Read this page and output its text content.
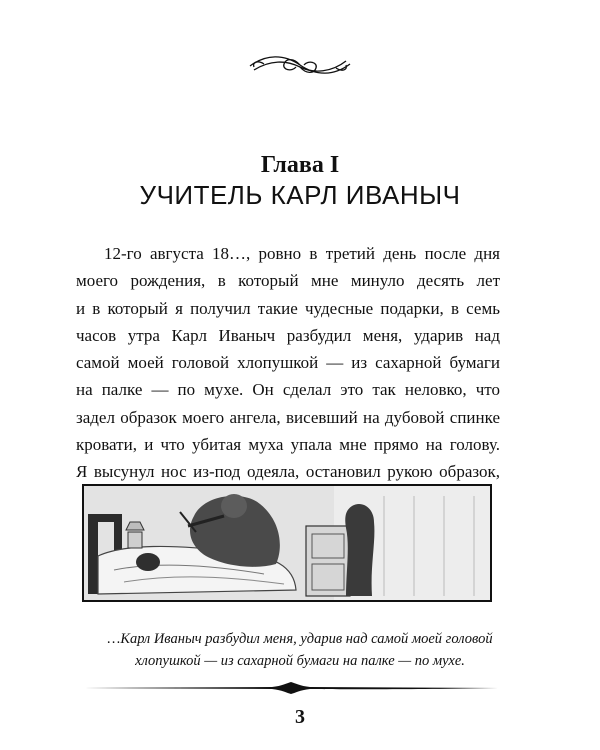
Глава I
УЧИТЕЛЬ КАРЛ ИВАНЫЧ
12-го августа 18…, ровно в третий день после дня
моего рождения, в который мне минуло десять лет
и в который я получил такие чудесные подарки, в семь
часов утра Карл Иваныч разбудил меня, ударив над
самой моей головой хлопушкой — из сахарной бумаги
на палке — по мухе. Он сделал это так неловко, что
задел образок моего ангела, висевший на дубовой спинке
кровати, и что убитая муха упала мне прямо на голову.
Я высунул нос из-под одеяла, остановил рукою образок,
…Карл Иваныч разбудил меня, ударив над самой моей головой
хлопушкой — из сахарной бумаги на палке — по мухе.
3
